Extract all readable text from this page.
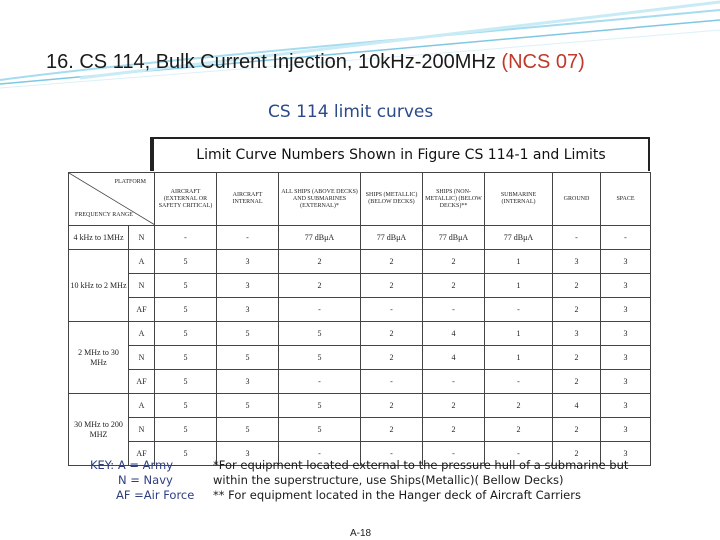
16. CS 114, Bulk Current Injection, 10kHz-200MHz (NCS 07)
CS 114 limit curves
Limit Curve Numbers Shown in Figure CS 114-1 and Limits
PLATFORM
FREQUENCY RANGE		AIRCRAFT (EXTERNAL OR SAFETY CRITICAL)	AIRCRAFT INTERNAL	ALL SHIPS (ABOVE DECKS) AND SUBMARINES (EXTERNAL)*	SHIPS (METALLIC) (BELOW DECKS)	SHIPS (NON-METALLIC) (BELOW DECKS)**	SUBMARINE (INTERNAL)	GROUND	SPACE
4 kHz to 1MHz	N	-	-	77 dBμA	77 dBμA	77 dBμA	77 dBμA	-	-
10 kHz to 2 MHz	A	5	3	2	2	2	1	3	3
	N	5	3	2	2	2	1	2	3
	AF	5	3	-	-	-	-	2	3
2 MHz to 30 MHz	A	5	5	5	2	4	1	3	3
	N	5	5	5	2	4	1	2	3
	AF	5	3	-	-	-	-	2	3
30 MHz to 200 MHZ	A	5	5	5	2	2	2	4	3
	N	5	5	5	2	2	2	2	3
	AF	5	3	-	-	-	-	2	3
KEY: A = Army
N = Navy
AF =Air Force
*For equipment located external to the pressure hull of a submarine but within the superstructure, use Ships(Metallic)( Bellow Decks)
** For equipment located in the Hanger deck of Aircraft Carriers
A-18
